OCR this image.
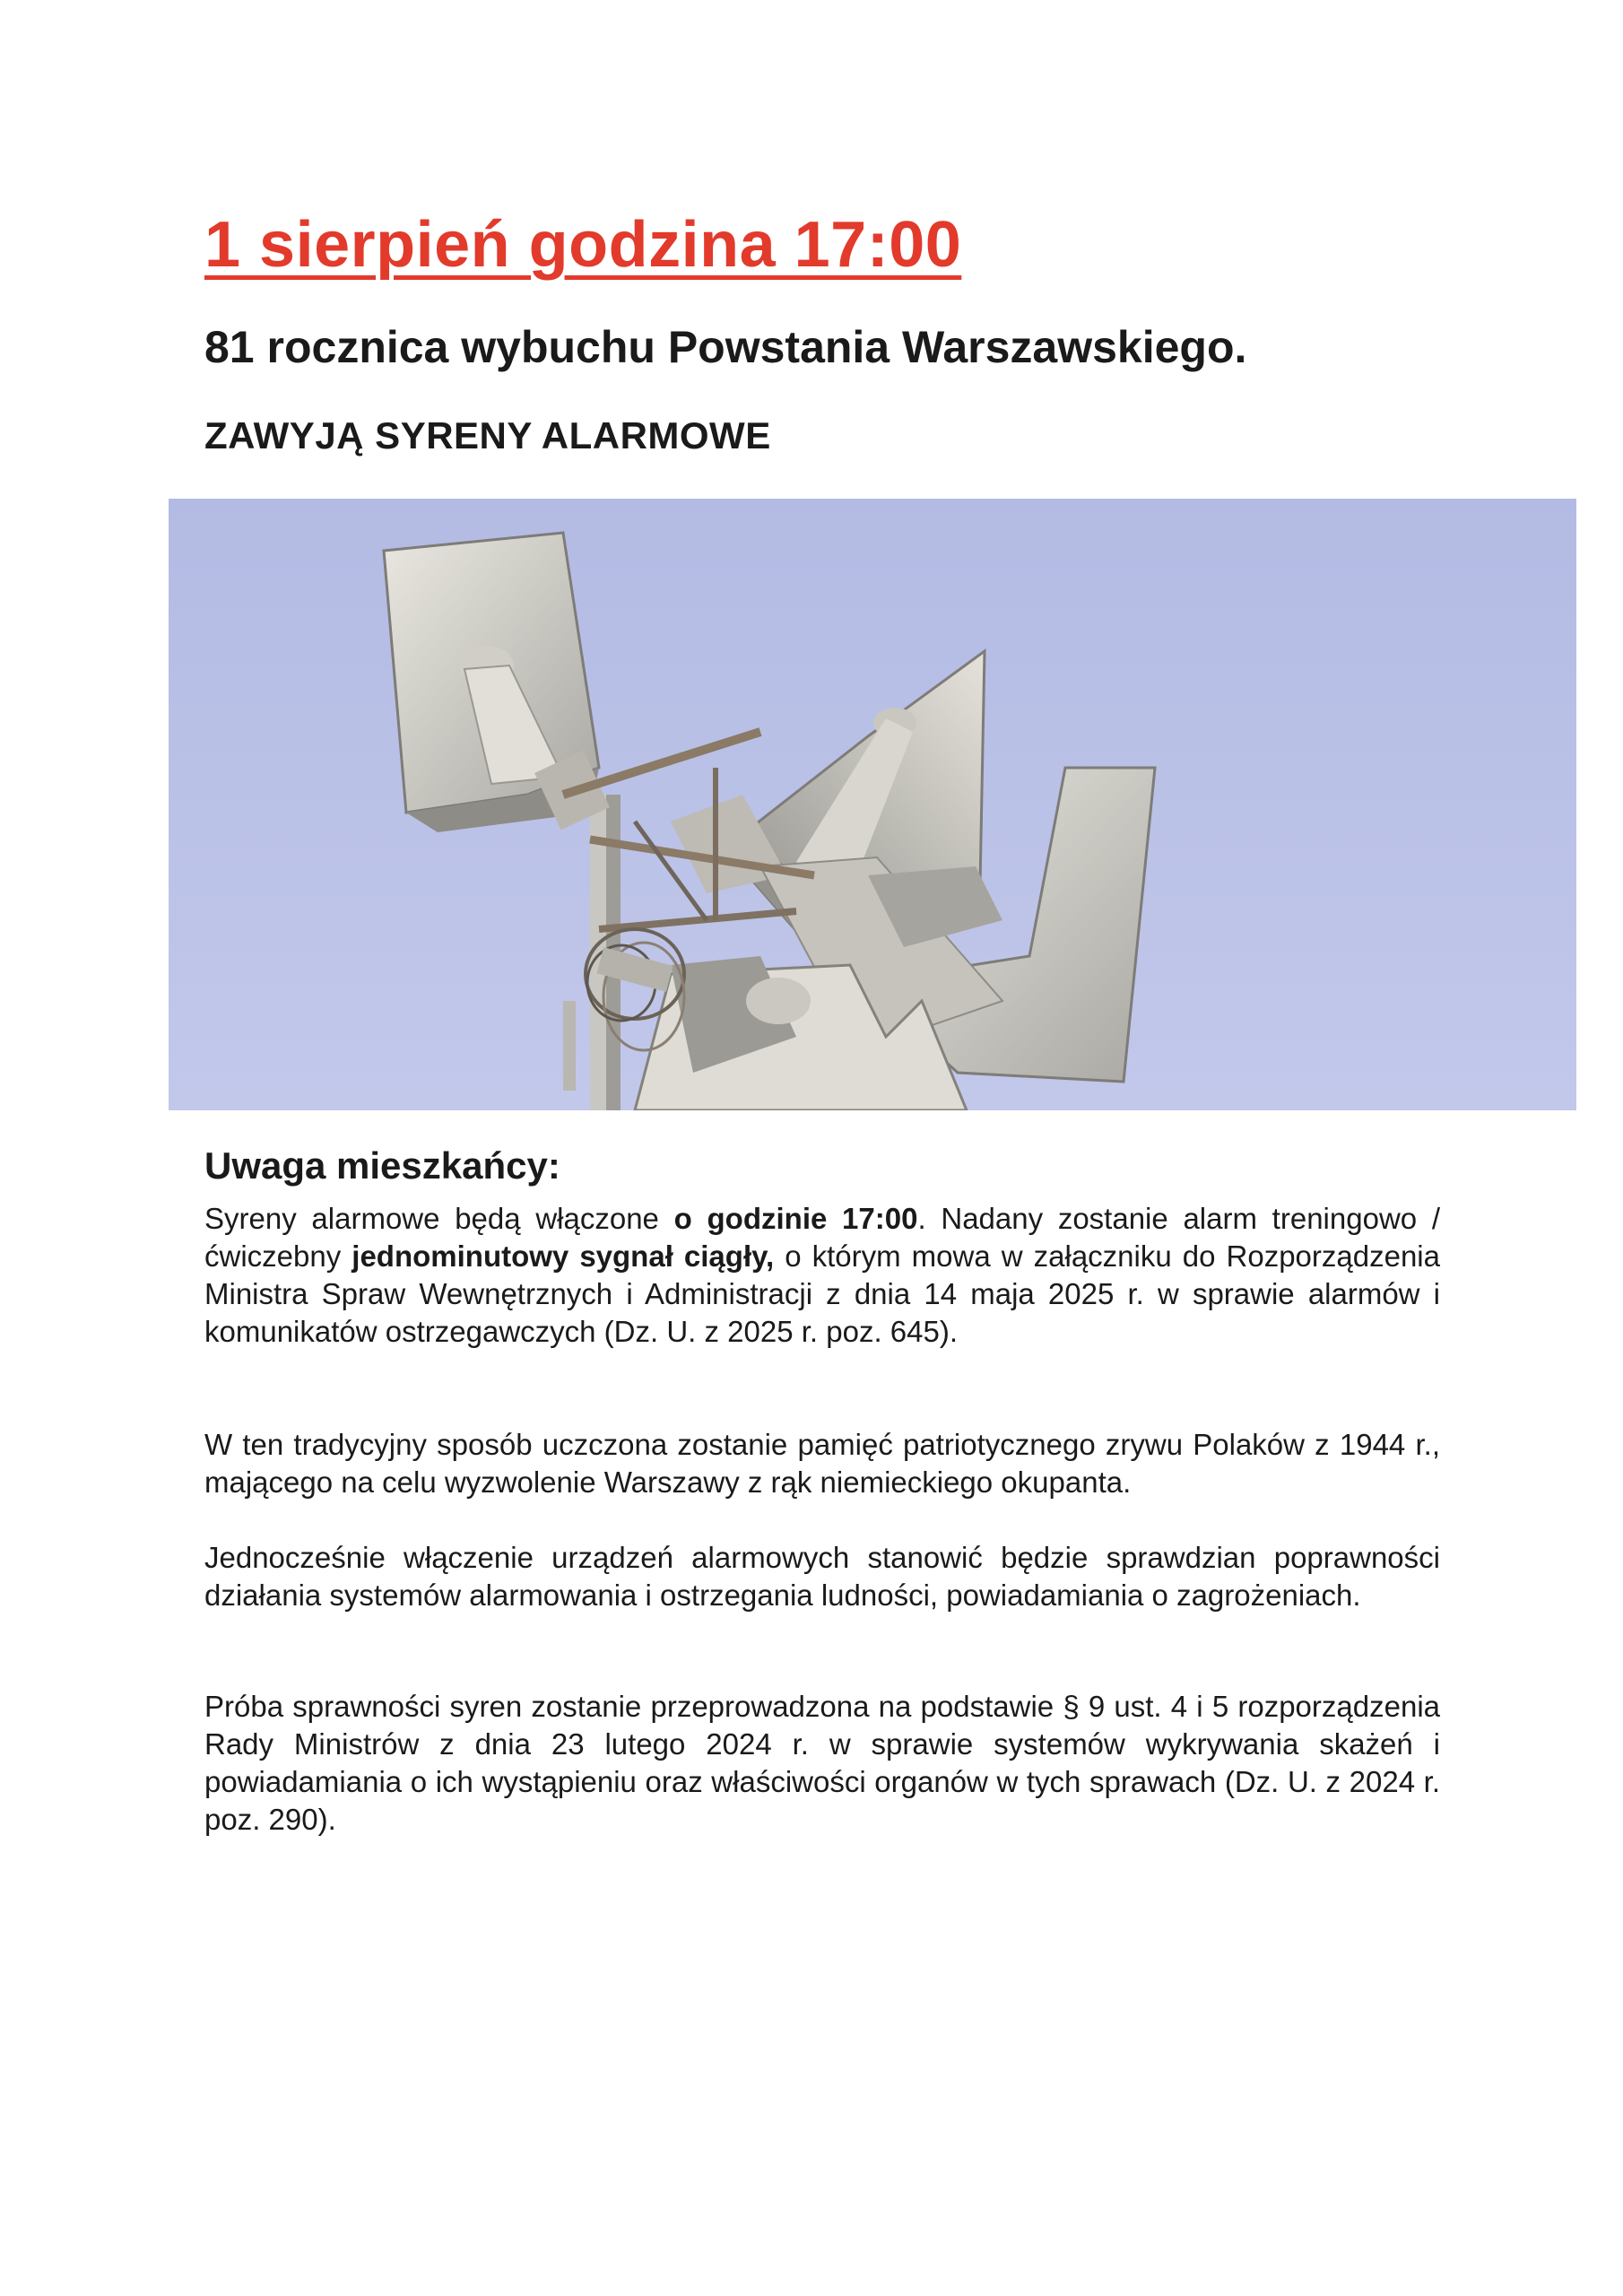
1 sierpień godzina 17:00
81 rocznica wybuchu Powstania Warszawskiego.
ZAWYJĄ SYRENY ALARMOWE
Uwaga mieszkańcy:

Syreny alarmowe będą włączone o godzinie 17:00. Nadany zostanie alarm treningowo / ćwiczebny jednominutowy sygnał ciągły, o którym mowa w załączniku do Rozporządzenia Ministra Spraw Wewnętrznych i Administracji z dnia 14 maja 2025 r. w sprawie alarmów i komunikatów ostrzegawczych (Dz. U. z 2025 r. poz. 645).

W ten tradycyjny sposób uczczona zostanie pamięć patriotycznego zrywu Polaków z 1944 r., mającego na celu wyzwolenie Warszawy z rąk niemieckiego okupanta.

Jednocześnie włączenie urządzeń alarmowych stanowić będzie sprawdzian poprawności działania systemów alarmowania i ostrzegania ludności, powiadamiania o zagrożeniach.

Próba sprawności syren zostanie przeprowadzona na podstawie § 9 ust. 4 i 5 rozporządzenia Rady Ministrów z dnia 23 lutego 2024 r. w sprawie systemów wykrywania skażeń i powiadamiania o ich wystąpieniu oraz właściwości organów w tych sprawach (Dz. U. z 2024 r. poz. 290).
